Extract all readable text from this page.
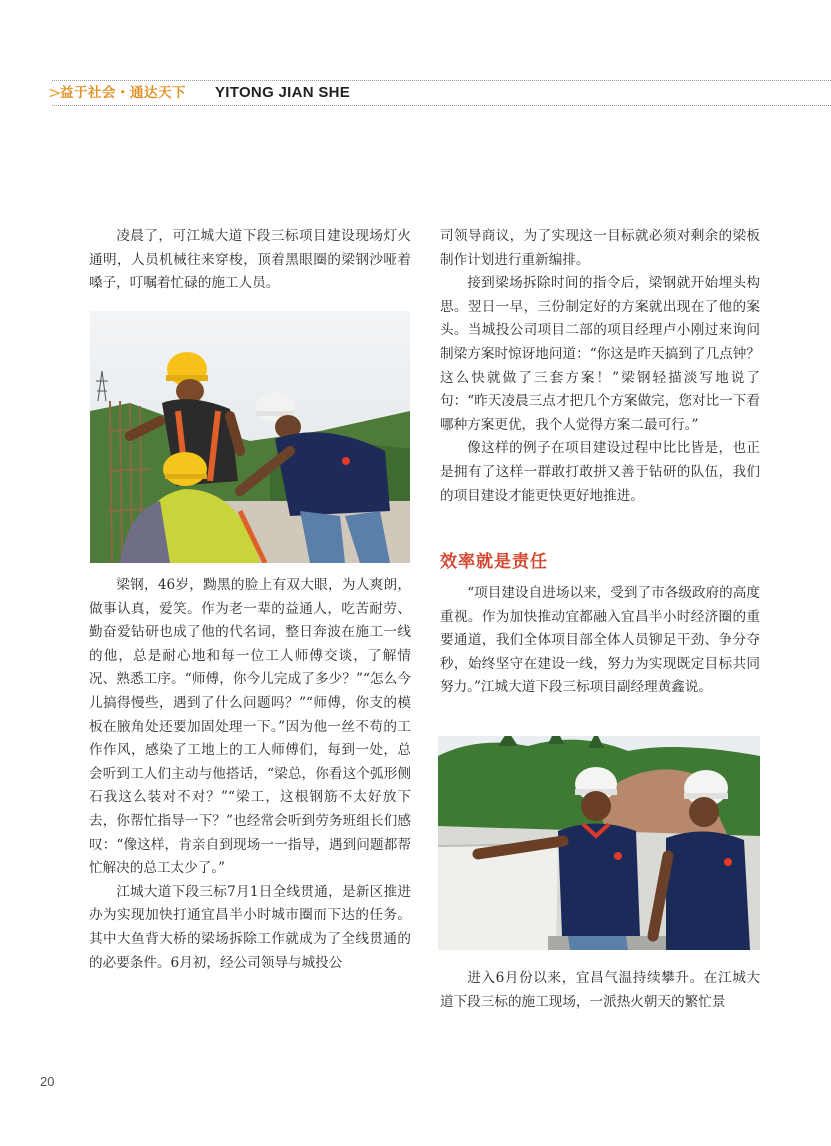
>
益于社会・通达天下 YITONG JIAN SHE

凌晨了，可江城大道下段三标项目建设现场灯火通明，人员机械往来穿梭，顶着黑眼圈的梁钢沙哑着嗓子，叮嘱着忙碌的施工人员。

梁钢，46岁，黝黑的脸上有双大眼，为人爽朗，做事认真，爱笑。作为老一辈的益通人，吃苦耐劳、勤奋爱钻研也成了他的代名词，整日奔波在施工一线的他，总是耐心地和每一位工人师傅交谈，了解情况、熟悉工序。“师傅，你今儿完成了多少？”“怎么今儿搞得慢些，遇到了什么问题吗？”“师傅，你支的模板在腋角处还要加固处理一下。”因为他一丝不苟的工作作风，感染了工地上的工人师傅们，每到一处，总会听到工人们主动与他搭话，“梁总，你看这个弧形侧石我这么装对不对？”“梁工，这根钢筋不太好放下去，你帮忙指导一下？”也经常会听到劳务班组长们感叹：“像这样，肯亲自到现场一一指导，遇到问题都帮忙解决的总工太少了。”

江城大道下段三标7月1日全线贯通，是新区推进办为实现加快打通宜昌半小时城市圈而下达的任务。其中大鱼背大桥的梁场拆除工作就成为了全线贯通的的必要条件。6月初，经公司领导与城投公

司领导商议，为了实现这一目标就必须对剩余的梁板制作计划进行重新编排。

接到梁场拆除时间的指令后，梁钢就开始埋头构思。翌日一早，三份制定好的方案就出现在了他的案头。当城投公司项目二部的项目经理卢小刚过来询问制梁方案时惊讶地问道：“你这是昨天搞到了几点钟？这么快就做了三套方案！”梁钢轻描淡写地说了句：“昨天凌晨三点才把几个方案做完，您对比一下看哪种方案更优，我个人觉得方案二最可行。”

像这样的例子在项目建设过程中比比皆是，也正是拥有了这样一群敢打敢拼又善于钻研的队伍，我们的项目建设才能更快更好地推进。

效率就是责任

“项目建设自进场以来，受到了市各级政府的高度重视。作为加快推动宜都融入宜昌半小时经济圈的重要通道，我们全体项目部全体人员铆足干劲、争分夺秒，始终坚守在建设一线，努力为实现既定目标共同努力。”江城大道下段三标项目副经理黄鑫说。

进入6月份以来，宜昌气温持续攀升。在江城大道下段三标的施工现场，一派热火朝天的繁忙景

20
